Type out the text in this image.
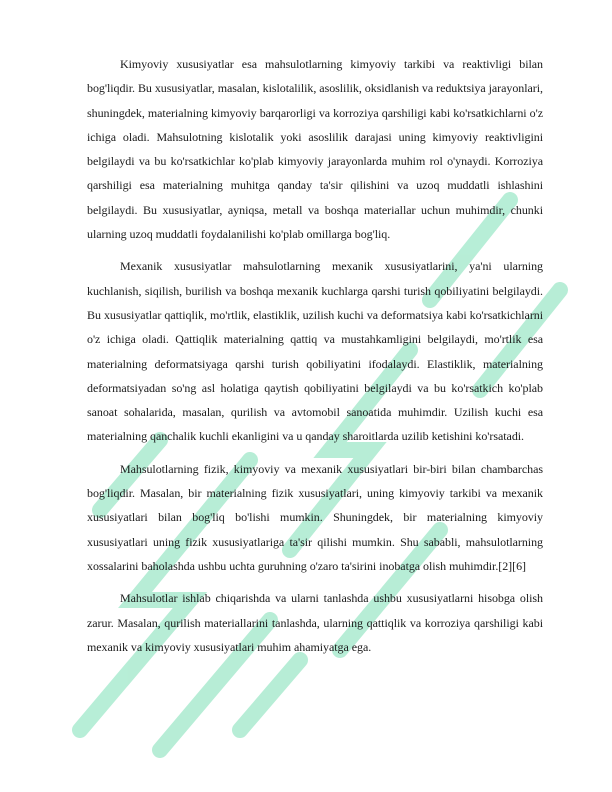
Kimyoviy xususiyatlar esa mahsulotlarning kimyoviy tarkibi va reaktivligi bilan bog'liqdir. Bu xususiyatlar, masalan, kislotalilik, asoslilik, oksidlanish va reduktsiya jarayonlari, shuningdek, materialning kimyoviy barqarorligi va korroziya qarshiligi kabi ko'rsatkichlarni o'z ichiga oladi. Mahsulotning kislotalik yoki asoslilik darajasi uning kimyoviy reaktivligini belgilaydi va bu ko'rsatkichlar ko'plab kimyoviy jarayonlarda muhim rol o'ynaydi. Korroziya qarshiligi esa materialning muhitga qanday ta'sir qilishini va uzoq muddatli ishlashini belgilaydi. Bu xususiyatlar, ayniqsa, metall va boshqa materiallar uchun muhimdir, chunki ularning uzoq muddatli foydalanilishi ko'plab omillarga bog'liq.

Mexanik xususiyatlar mahsulotlarning mexanik xususiyatlarini, ya'ni ularning kuchlanish, siqilish, burilish va boshqa mexanik kuchlarga qarshi turish qobiliyatini belgilaydi. Bu xususiyatlar qattiqlik, mo'rtlik, elastiklik, uzilish kuchi va deformatsiya kabi ko'rsatkichlarni o'z ichiga oladi. Qattiqlik materialning qattiq va mustahkamligini belgilaydi, mo'rtlik esa materialning deformatsiyaga qarshi turish qobiliyatini ifodalaydi. Elastiklik, materialning deformatsiyadan so'ng asl holatiga qaytish qobiliyatini belgilaydi va bu ko'rsatkich ko'plab sanoat sohalarida, masalan, qurilish va avtomobil sanoatida muhimdir. Uzilish kuchi esa materialning qanchalik kuchli ekanligini va u qanday sharoitlarda uzilib ketishini ko'rsatadi.

Mahsulotlarning fizik, kimyoviy va mexanik xususiyatlari bir-biri bilan chambarchas bog'liqdir. Masalan, bir materialning fizik xususiyatlari, uning kimyoviy tarkibi va mexanik xususiyatlari bilan bog'liq bo'lishi mumkin. Shuningdek, bir materialning kimyoviy xususiyatlari uning fizik xususiyatlariga ta'sir qilishi mumkin. Shu sababli, mahsulotlarning xossalarini baholashda ushbu uchta guruhning o'zaro ta'sirini inobatga olish muhimdir.[2][6]

Mahsulotlar ishlab chiqarishda va ularni tanlashda ushbu xususiyatlarni hisobga olish zarur. Masalan, qurilish materiallarini tanlashda, ularning qattiqlik va korroziya qarshiligi kabi mexanik va kimyoviy xususiyatlari muhim ahamiyatga ega.
